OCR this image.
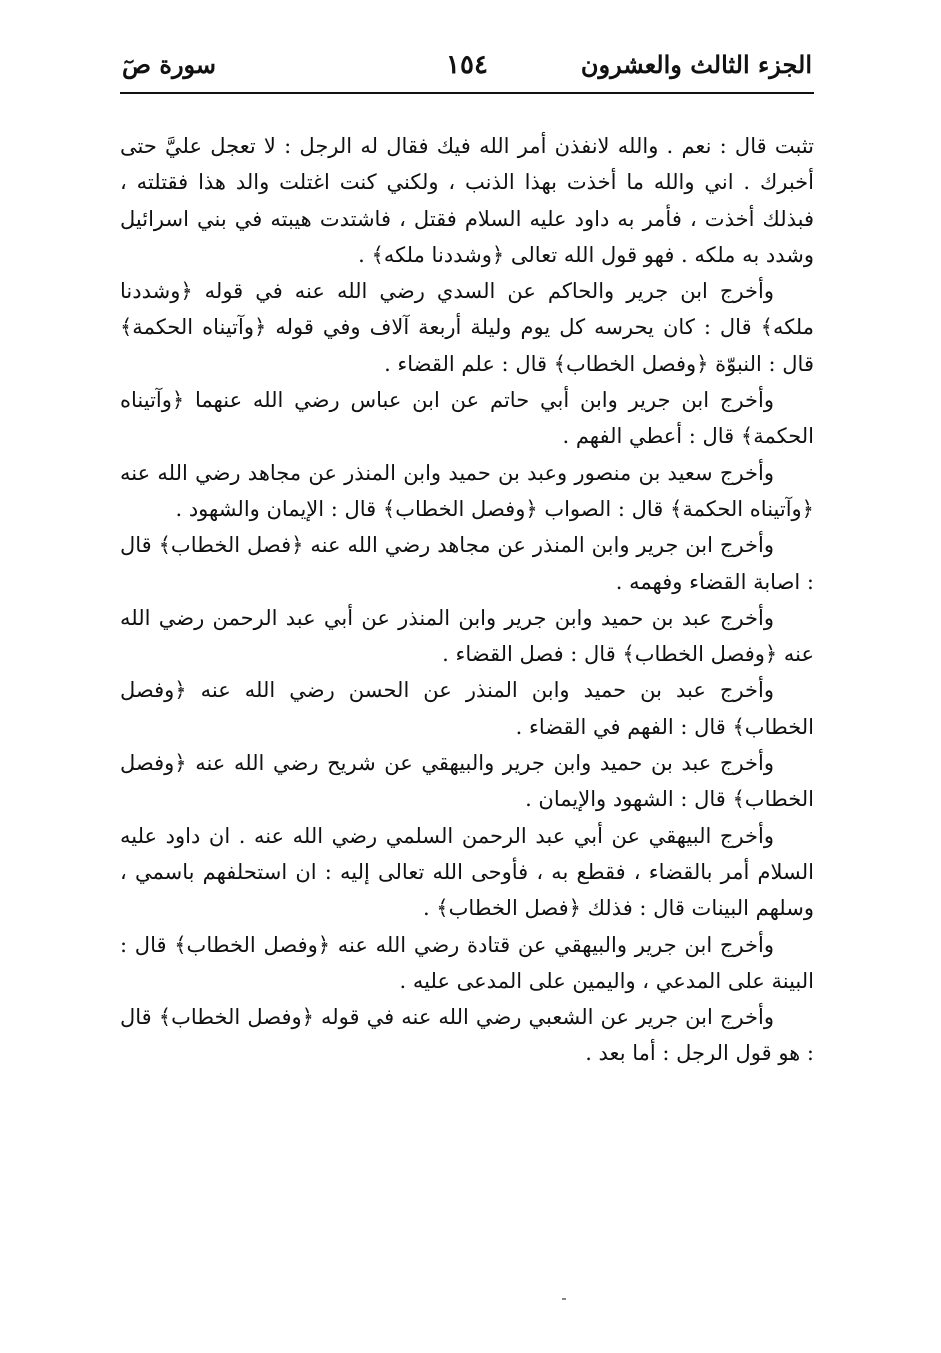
الجزء الثالث والعشرون
١٥٤
سورة صٓ

تثبت قال : نعم . والله لانفذن أمر الله فيك فقال له الرجل : لا تعجل عليَّ حتى أخبرك . اني والله ما أخذت بهذا الذنب ، ولكني كنت اغتلت والد هذا فقتلته ، فبذلك أخذت ، فأمر به داود عليه السلام فقتل ، فاشتدت هيبته في بني اسرائيل وشدد به ملكه . فهو قول الله تعالى ﴿وشددنا ملكه﴾ .

وأخرج ابن جرير والحاكم عن السدي رضي الله عنه في قوله ﴿وشددنا ملكه﴾ قال : كان يحرسه كل يوم وليلة أربعة آلاف وفي قوله ﴿وآتيناه الحكمة﴾ قال : النبوّة ﴿وفصل الخطاب﴾ قال : علم القضاء .

وأخرج ابن جرير وابن أبي حاتم عن ابن عباس رضي الله عنهما ﴿وآتيناه الحكمة﴾ قال : أعطي الفهم .

وأخرج سعيد بن منصور وعبد بن حميد وابن المنذر عن مجاهد رضي الله عنه ﴿وآتيناه الحكمة﴾ قال : الصواب ﴿وفصل الخطاب﴾ قال : الإيمان والشهود .

وأخرج ابن جرير وابن المنذر عن مجاهد رضي الله عنه ﴿فصل الخطاب﴾ قال : اصابة القضاء وفهمه .

وأخرج عبد بن حميد وابن جرير وابن المنذر عن أبي عبد الرحمن رضي الله عنه ﴿وفصل الخطاب﴾ قال : فصل القضاء .

وأخرج عبد بن حميد وابن المنذر عن الحسن رضي الله عنه ﴿وفصل الخطاب﴾ قال : الفهم في القضاء .

وأخرج عبد بن حميد وابن جرير والبيهقي عن شريح رضي الله عنه ﴿وفصل الخطاب﴾ قال : الشهود والإيمان .

وأخرج البيهقي عن أبي عبد الرحمن السلمي رضي الله عنه . ان داود عليه السلام أمر بالقضاء ، فقطع به ، فأوحى الله تعالى إليه : ان استحلفهم باسمي ، وسلهم البينات قال : فذلك ﴿فصل الخطاب﴾ .

وأخرج ابن جرير والبيهقي عن قتادة رضي الله عنه ﴿وفصل الخطاب﴾ قال : البينة على المدعي ، واليمين على المدعى عليه .

وأخرج ابن جرير عن الشعبي رضي الله عنه في قوله ﴿وفصل الخطاب﴾ قال : هو قول الرجل : أما بعد .
